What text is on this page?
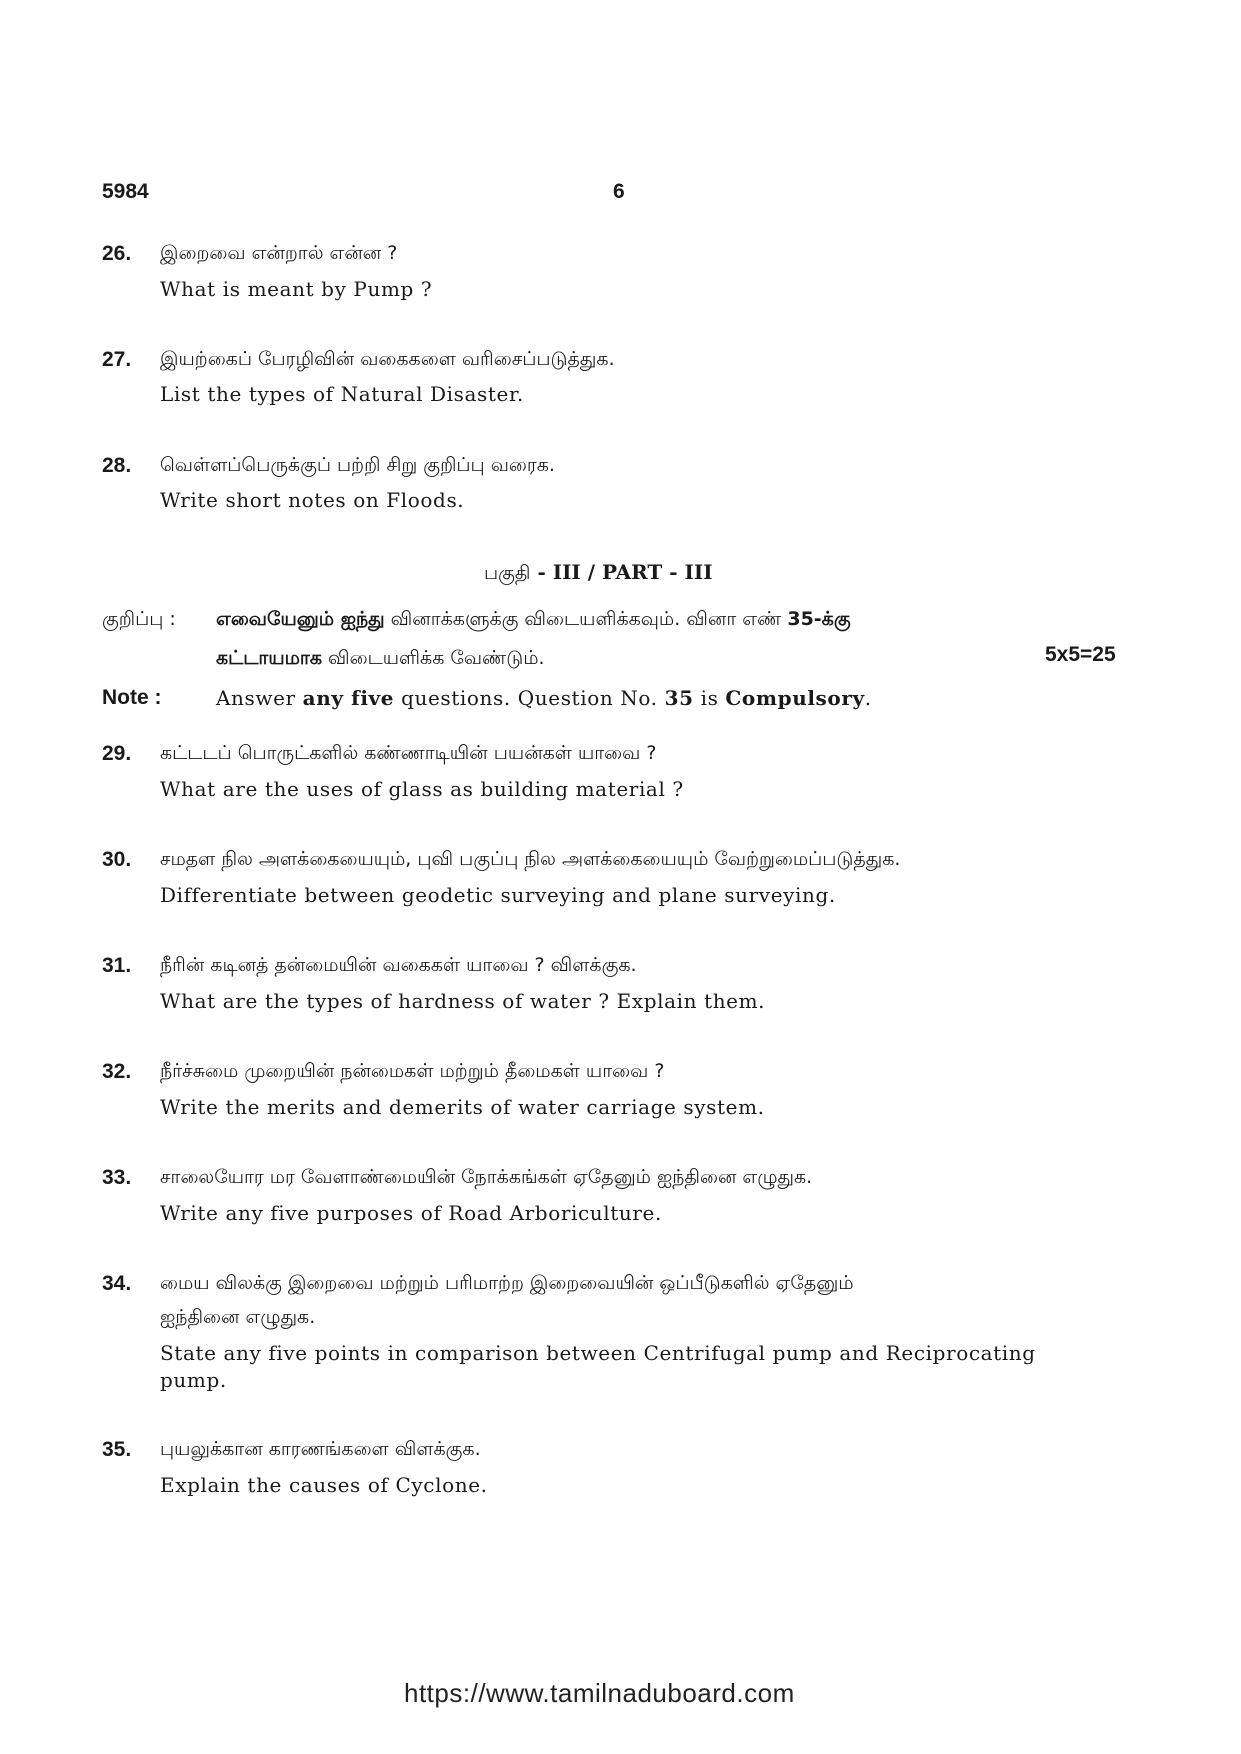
5984	6
26. இறைவை என்றால் என்ன ?
What is meant by Pump ?
27. இயற்கைப் பேரழிவின் வகைகளை வரிசைப்படுத்துக.
List the types of Natural Disaster.
28. வெள்ளப்பெருக்குப் பற்றி சிறு குறிப்பு வரைக.
Write short notes on Floods.
பகுதி - III / PART - III
குறிப்பு : எவையேனும் ஐந்து வினாக்களுக்கு விடையளிக்கவும். வினா எண் 35-க்கு
கட்டாயமாக விடையளிக்க வேண்டும்.	5x5=25
Note :	Answer any five questions. Question No. 35 is Compulsory.
29. கட்டடப் பொருட்களில் கண்ணாடியின் பயன்கள் யாவை ?
What are the uses of glass as building material ?
30. சமதள நில அளக்கையையும், புவி பகுப்பு நில அளக்கையையும் வேற்றுமைப்படுத்துக.
Differentiate between geodetic surveying and plane surveying.
31. நீரின் கடினத் தன்மையின் வகைகள் யாவை ? விளக்குக.
What are the types of hardness of water ? Explain them.
32. நீர்ச்சுமை முறையின் நன்மைகள் மற்றும் தீமைகள் யாவை ?
Write the merits and demerits of water carriage system.
33. சாலையோர மர வேளாண்மையின் நோக்கங்கள் ஏதேனும் ஐந்தினை எழுதுக.
Write any five purposes of Road Arboriculture.
34. மைய விலக்கு இறைவை மற்றும் பரிமாற்ற இறைவையின் ஒப்பீடுகளில் ஏதேனும்
ஐந்தினை எழுதுக.
State any five points in comparison between Centrifugal pump and Reciprocating
pump.
35. புயலுக்கான காரணங்களை விளக்குக.
Explain the causes of Cyclone.
https://www.tamilnaduboard.com
